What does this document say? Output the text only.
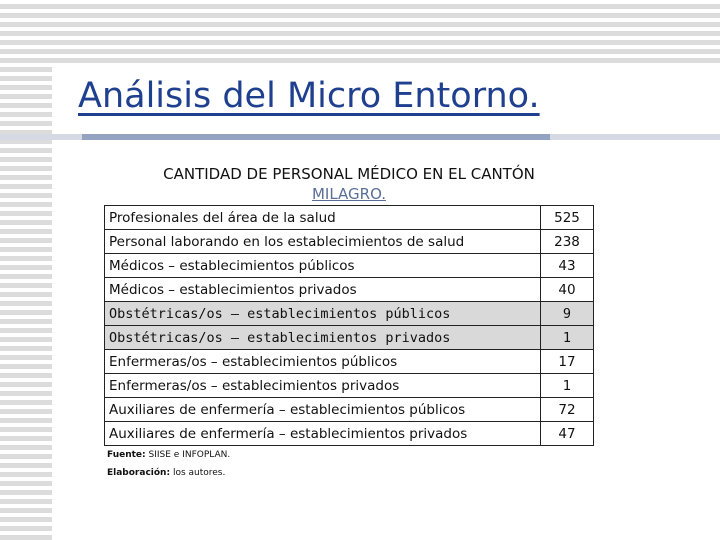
Análisis del Micro Entorno.
CANTIDAD DE PERSONAL MÉDICO EN EL CANTÓN
MILAGRO.
Profesionales del área de la salud	525
Personal laborando en los establecimientos de salud	238
Médicos – establecimientos públicos	43
Médicos – establecimientos privados	40
Obstétricas/os – establecimientos públicos	9
Obstétricas/os – establecimientos privados	1
Enfermeras/os – establecimientos públicos	17
Enfermeras/os – establecimientos privados	1
Auxiliares de enfermería – establecimientos públicos	72
Auxiliares de enfermería – establecimientos privados	47
Fuente: SIISE e INFOPLAN.
Elaboración: los autores.
